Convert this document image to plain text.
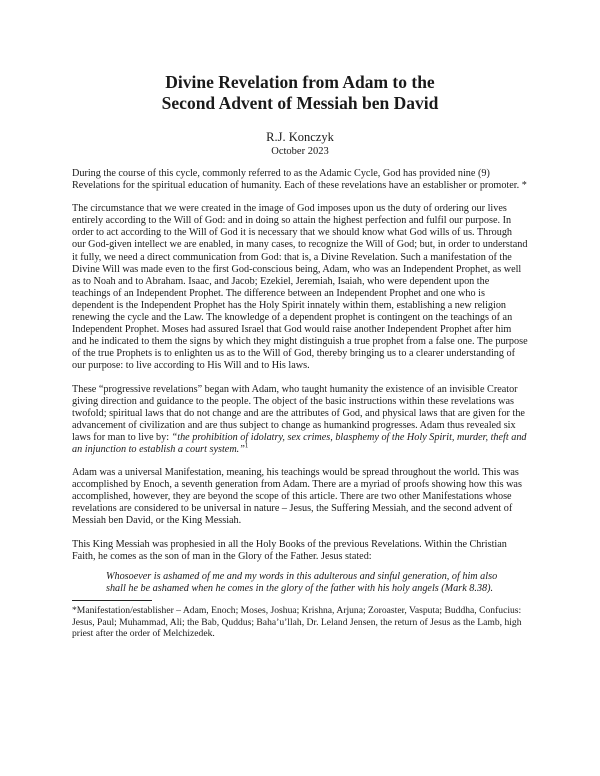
Divine Revelation from Adam to the
Second Advent of Messiah ben David
R.J. Konczyk
October 2023

During the course of this cycle, commonly referred to as the Adamic Cycle, God has provided nine (9) Revelations for the spiritual education of humanity. Each of these revelations have an establisher or promoter. *

The circumstance that we were created in the image of God imposes upon us the duty of ordering our lives entirely according to the Will of God: and in doing so attain the highest perfection and fulfil our purpose. In order to act according to the Will of God it is necessary that we should know what God wills of us. Through our God-given intellect we are enabled, in many cases, to recognize the Will of God; but, in order to understand it fully, we need a direct communication from God: that is, a Divine Revelation. Such a manifestation of the Divine Will was made even to the first God-conscious being, Adam, who was an Independent Prophet, as well as to Noah and to Abraham. Isaac, and Jacob; Ezekiel, Jeremiah, Isaiah, who were dependent upon the teachings of an Independent Prophet. The difference between an Independent Prophet and one who is dependent is the Independent Prophet has the Holy Spirit innately within them, establishing a new religion renewing the cycle and the Law. The knowledge of a dependent prophet is contingent on the teachings of an Independent Prophet. Moses had assured Israel that God would raise another Independent Prophet after him and he indicated to them the signs by which they might distinguish a true prophet from a false one. The purpose of the true Prophets is to enlighten us as to the Will of God, thereby bringing us to a clearer understanding of our purpose: to live according to His Will and to His laws.

These “progressive revelations” began with Adam, who taught humanity the existence of an invisible Creator giving direction and guidance to the people. The object of the basic instructions within these revelations was twofold; spiritual laws that do not change and are the attributes of God, and physical laws that are given for the advancement of civilization and are thus subject to change as humankind progresses. Adam thus revealed six laws for man to live by: “the prohibition of idolatry, sex crimes, blasphemy of the Holy Spirit, murder, theft and an injunction to establish a court system.”$^1$

Adam was a universal Manifestation, meaning, his teachings would be spread throughout the world. This was accomplished by Enoch, a seventh generation from Adam. There are a myriad of proofs showing how this was accomplished, however, they are beyond the scope of this article. There are two other Manifestations whose revelations are considered to be universal in nature – Jesus, the Suffering Messiah, and the second advent of Messiah ben David, or the King Messiah.

This King Messiah was prophesied in all the Holy Books of the previous Revelations. Within the Christian Faith, he comes as the son of man in the Glory of the Father. Jesus stated:

Whosoever is ashamed of me and my words in this adulterous and sinful generation, of him also shall he be ashamed when he comes in the glory of the father with his holy angels (Mark 8.38).
*Manifestation/establisher – Adam, Enoch; Moses, Joshua; Krishna, Arjuna; Zoroaster, Vasputa; Buddha, Confucius: Jesus, Paul; Muhammad, Ali; the Bab, Quddus; Baha’u’llah, Dr. Leland Jensen, the return of Jesus as the Lamb, high priest after the order of Melchizedek.
